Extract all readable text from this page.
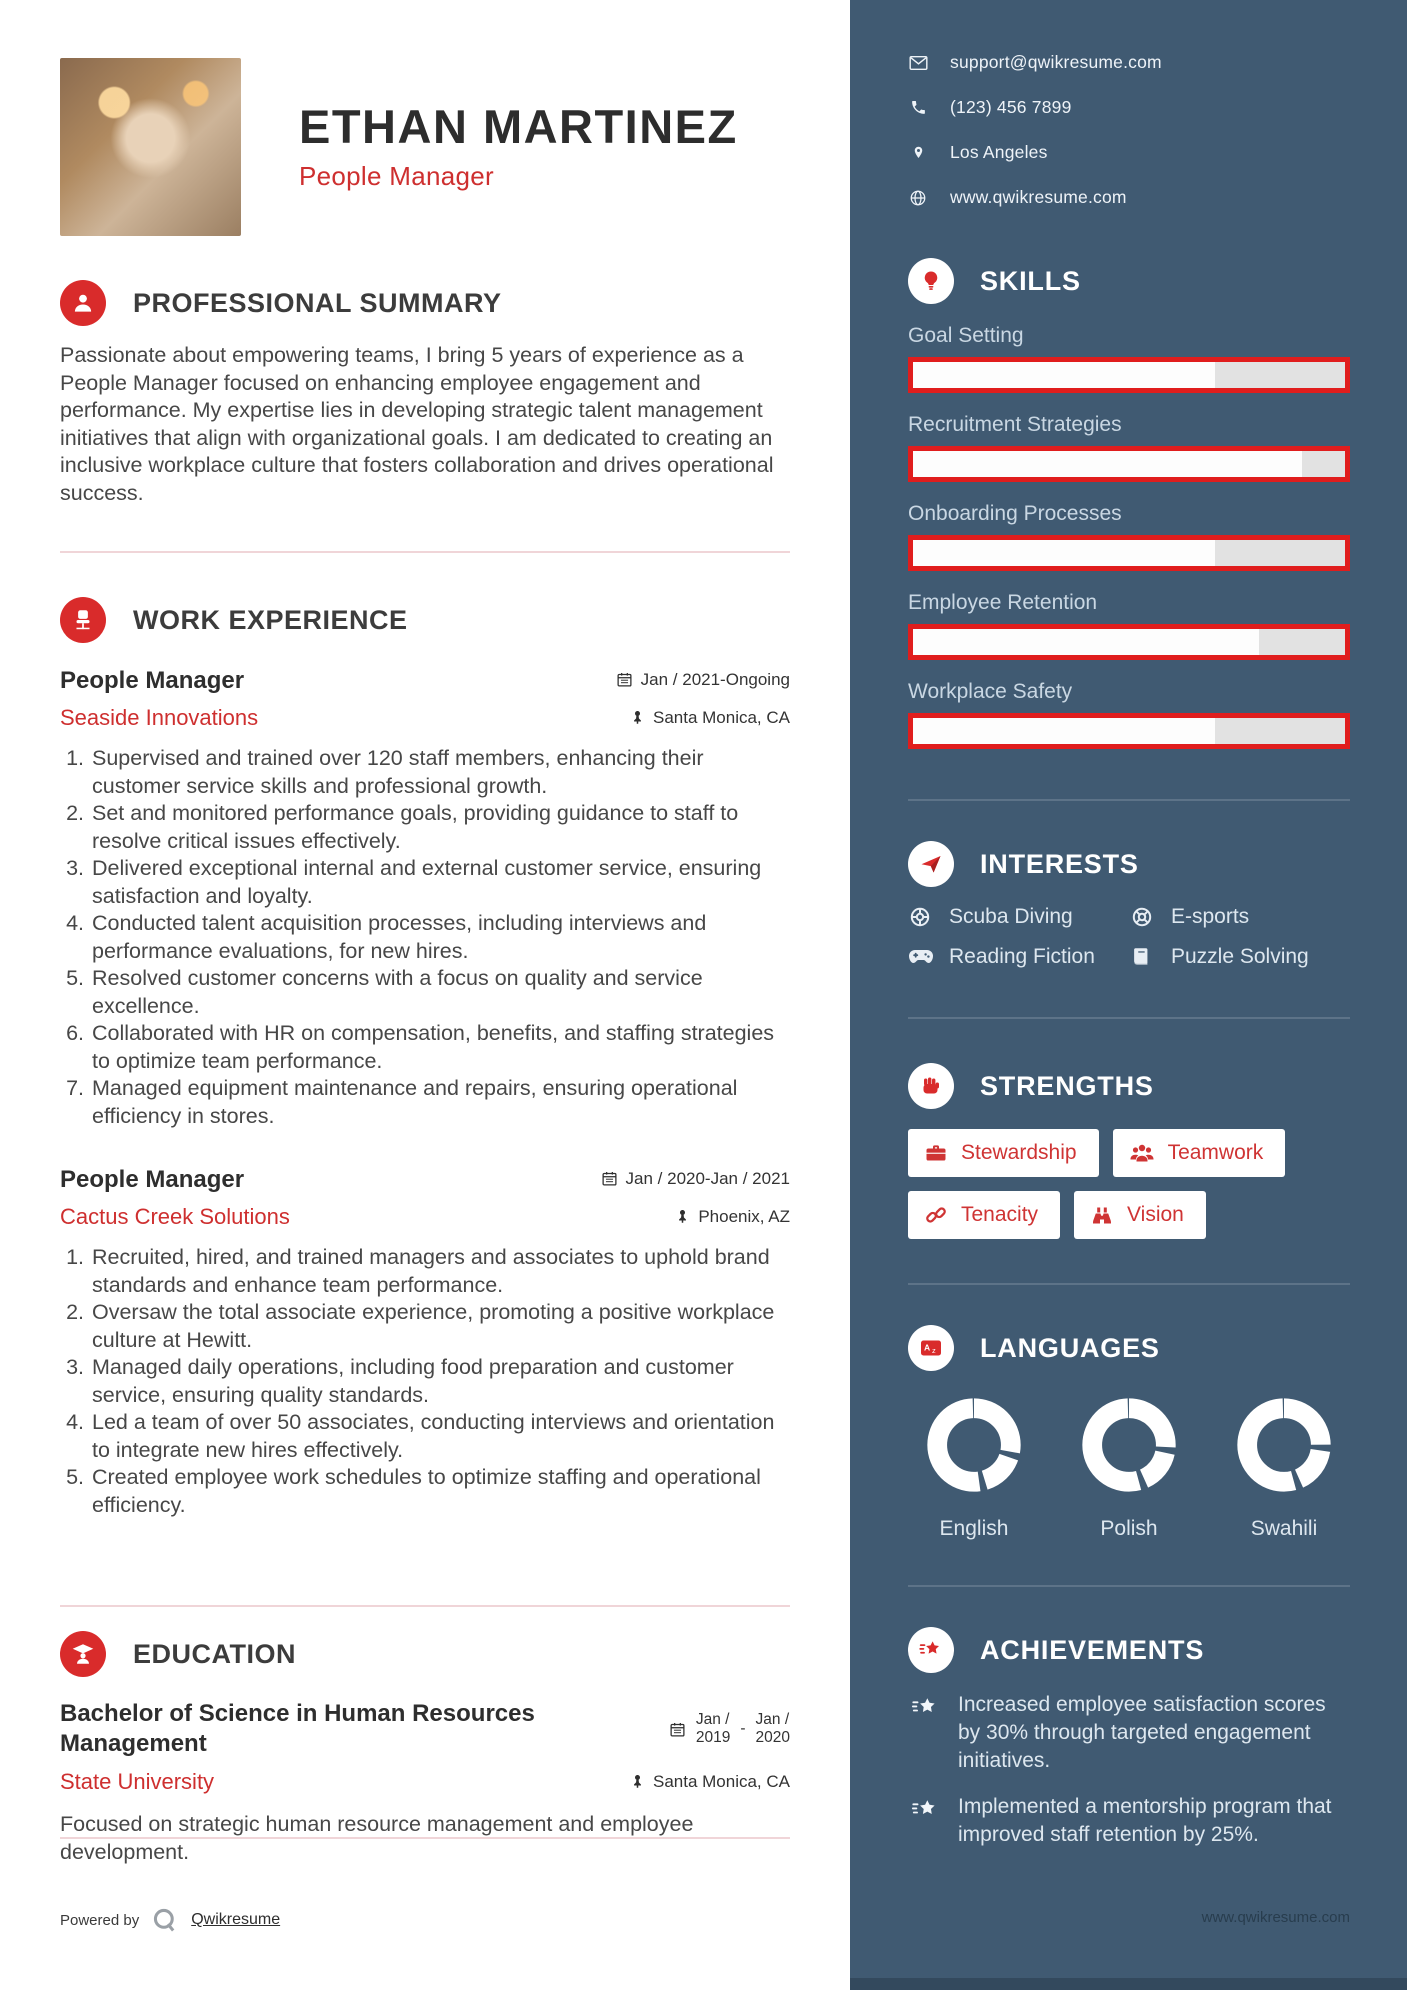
ETHAN MARTINEZ
People Manager
PROFESSIONAL SUMMARY

Passionate about empowering teams, I bring 5 years of experience as a People Manager focused on enhancing employee engagement and performance. My expertise lies in developing strategic talent management initiatives that align with organizational goals. I am dedicated to creating an inclusive workplace culture that fosters collaboration and drives operational success.

WORK EXPERIENCE
People Manager	Jan / 2021-Ongoing
Seaside Innovations	Santa Monica, CA
1. Supervised and trained over 120 staff members, enhancing their customer service skills and professional growth.
2. Set and monitored performance goals, providing guidance to staff to resolve critical issues effectively.
3. Delivered exceptional internal and external customer service, ensuring satisfaction and loyalty.
4. Conducted talent acquisition processes, including interviews and performance evaluations, for new hires.
5. Resolved customer concerns with a focus on quality and service excellence.
6. Collaborated with HR on compensation, benefits, and staffing strategies to optimize team performance.
7. Managed equipment maintenance and repairs, ensuring operational efficiency in stores.
People Manager	Jan / 2020-Jan / 2021
Cactus Creek Solutions	Phoenix, AZ
1. Recruited, hired, and trained managers and associates to uphold brand standards and enhance team performance.
2. Oversaw the total associate experience, promoting a positive workplace culture at Hewitt.
3. Managed daily operations, including food preparation and customer service, ensuring quality standards.
4. Led a team of over 50 associates, conducting interviews and orientation to integrate new hires effectively.
5. Created employee work schedules to optimize staffing and operational efficiency.
EDUCATION
Bachelor of Science in Human Resources Management
Jan /
2019
-
Jan /
2020
State University	Santa Monica, CA

Focused on strategic human resource management and employee development.

Powered by	Qwikresume
support@qwikresume.com
(123) 456 7899
Los Angeles
www.qwikresume.com
SKILLS
Goal Setting
Recruitment Strategies
Onboarding Processes
Employee Retention
Workplace Safety
INTERESTS
Scuba Diving	E-sports
Reading Fiction	Puzzle Solving
STRENGTHS
Stewardship	Teamwork
Tenacity	Vision
A z LANGUAGES
English	Polish	Swahili
ACHIEVEMENTS
Increased employee satisfaction scores by 30% through targeted engagement initiatives.
Implemented a mentorship program that improved staff retention by 25%.
www.qwikresume.com
